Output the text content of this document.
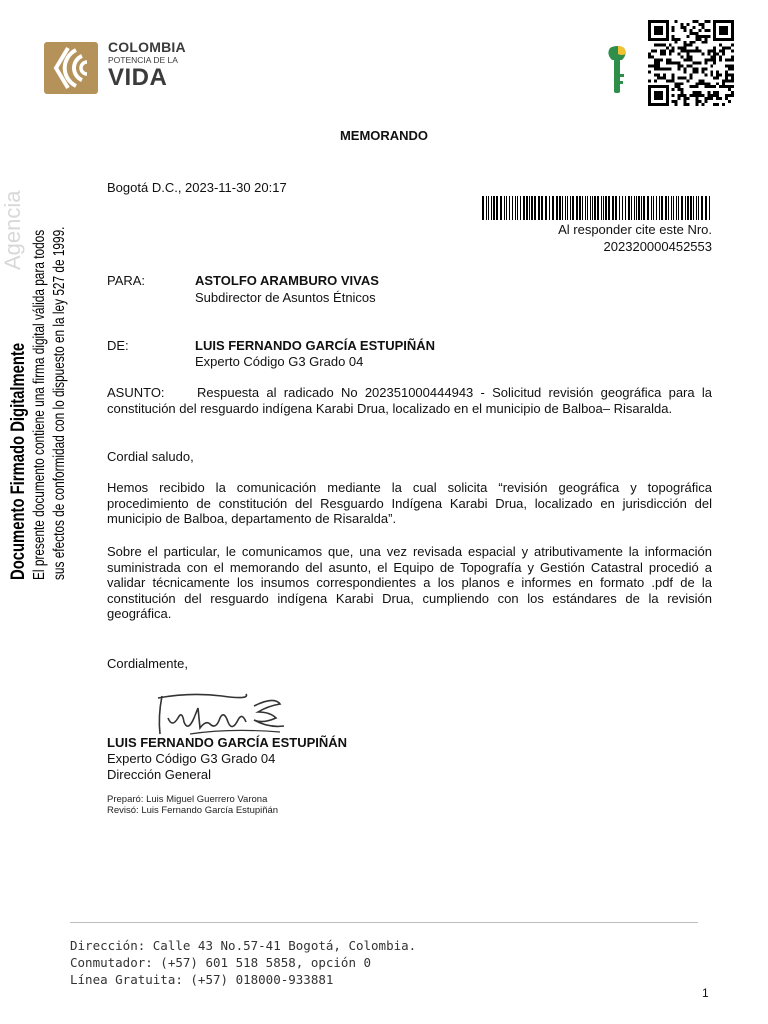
COLOMBIA
POTENCIA DE LA
VIDA
MEMORANDO
Bogotá D.C., 2023-11-30 20:17
Al responder cite este Nro.
202320000452553
PARA:	ASTOLFO ARAMBURO VIVAS
Subdirector de Asuntos Étnicos
DE:	LUIS FERNANDO GARCÍA ESTUPIÑÁN
Experto Código G3 Grado 04
ASUNTO: Respuesta al radicado No 202351000444943 - Solicitud revisión geográfica para la
constitución del resguardo indígena Karabi Drua, localizado en el municipio de Balboa– Risaralda.
Cordial saludo,
Hemos recibido la comunicación mediante la cual solicita “revisión geográfica y topográfica procedimiento de constitución del Resguardo Indígena Karabi Drua, localizado en jurisdicción del municipio de Balboa, departamento de Risaralda”.
Sobre el particular, le comunicamos que, una vez revisada espacial y atributivamente la información suministrada con el memorando del asunto, el Equipo de Topografía y Gestión Catastral procedió a validar técnicamente los insumos correspondientes a los planos e informes en formato .pdf de la constitución del resguardo indígena Karabi Drua, cumpliendo con los estándares de la revisión geográfica.
Cordialmente,
LUIS FERNANDO GARCÍA ESTUPIÑÁN
Experto Código G3 Grado 04
Dirección General
Preparó: Luis Miguel Guerrero Varona
Revisó: Luis Fernando García Estupiñán
Agencia
Documento Firmado Digitalmente El presente documento contiene una firma digital válida para todos sus efectos de conformidad con lo dispuesto en la ley 527 de 1999.
Dirección: Calle 43 No.57-41 Bogotá, Colombia.
Conmutador: (+57) 601 518 5858, opción 0
Línea Gratuita: (+57) 018000-933881
1
